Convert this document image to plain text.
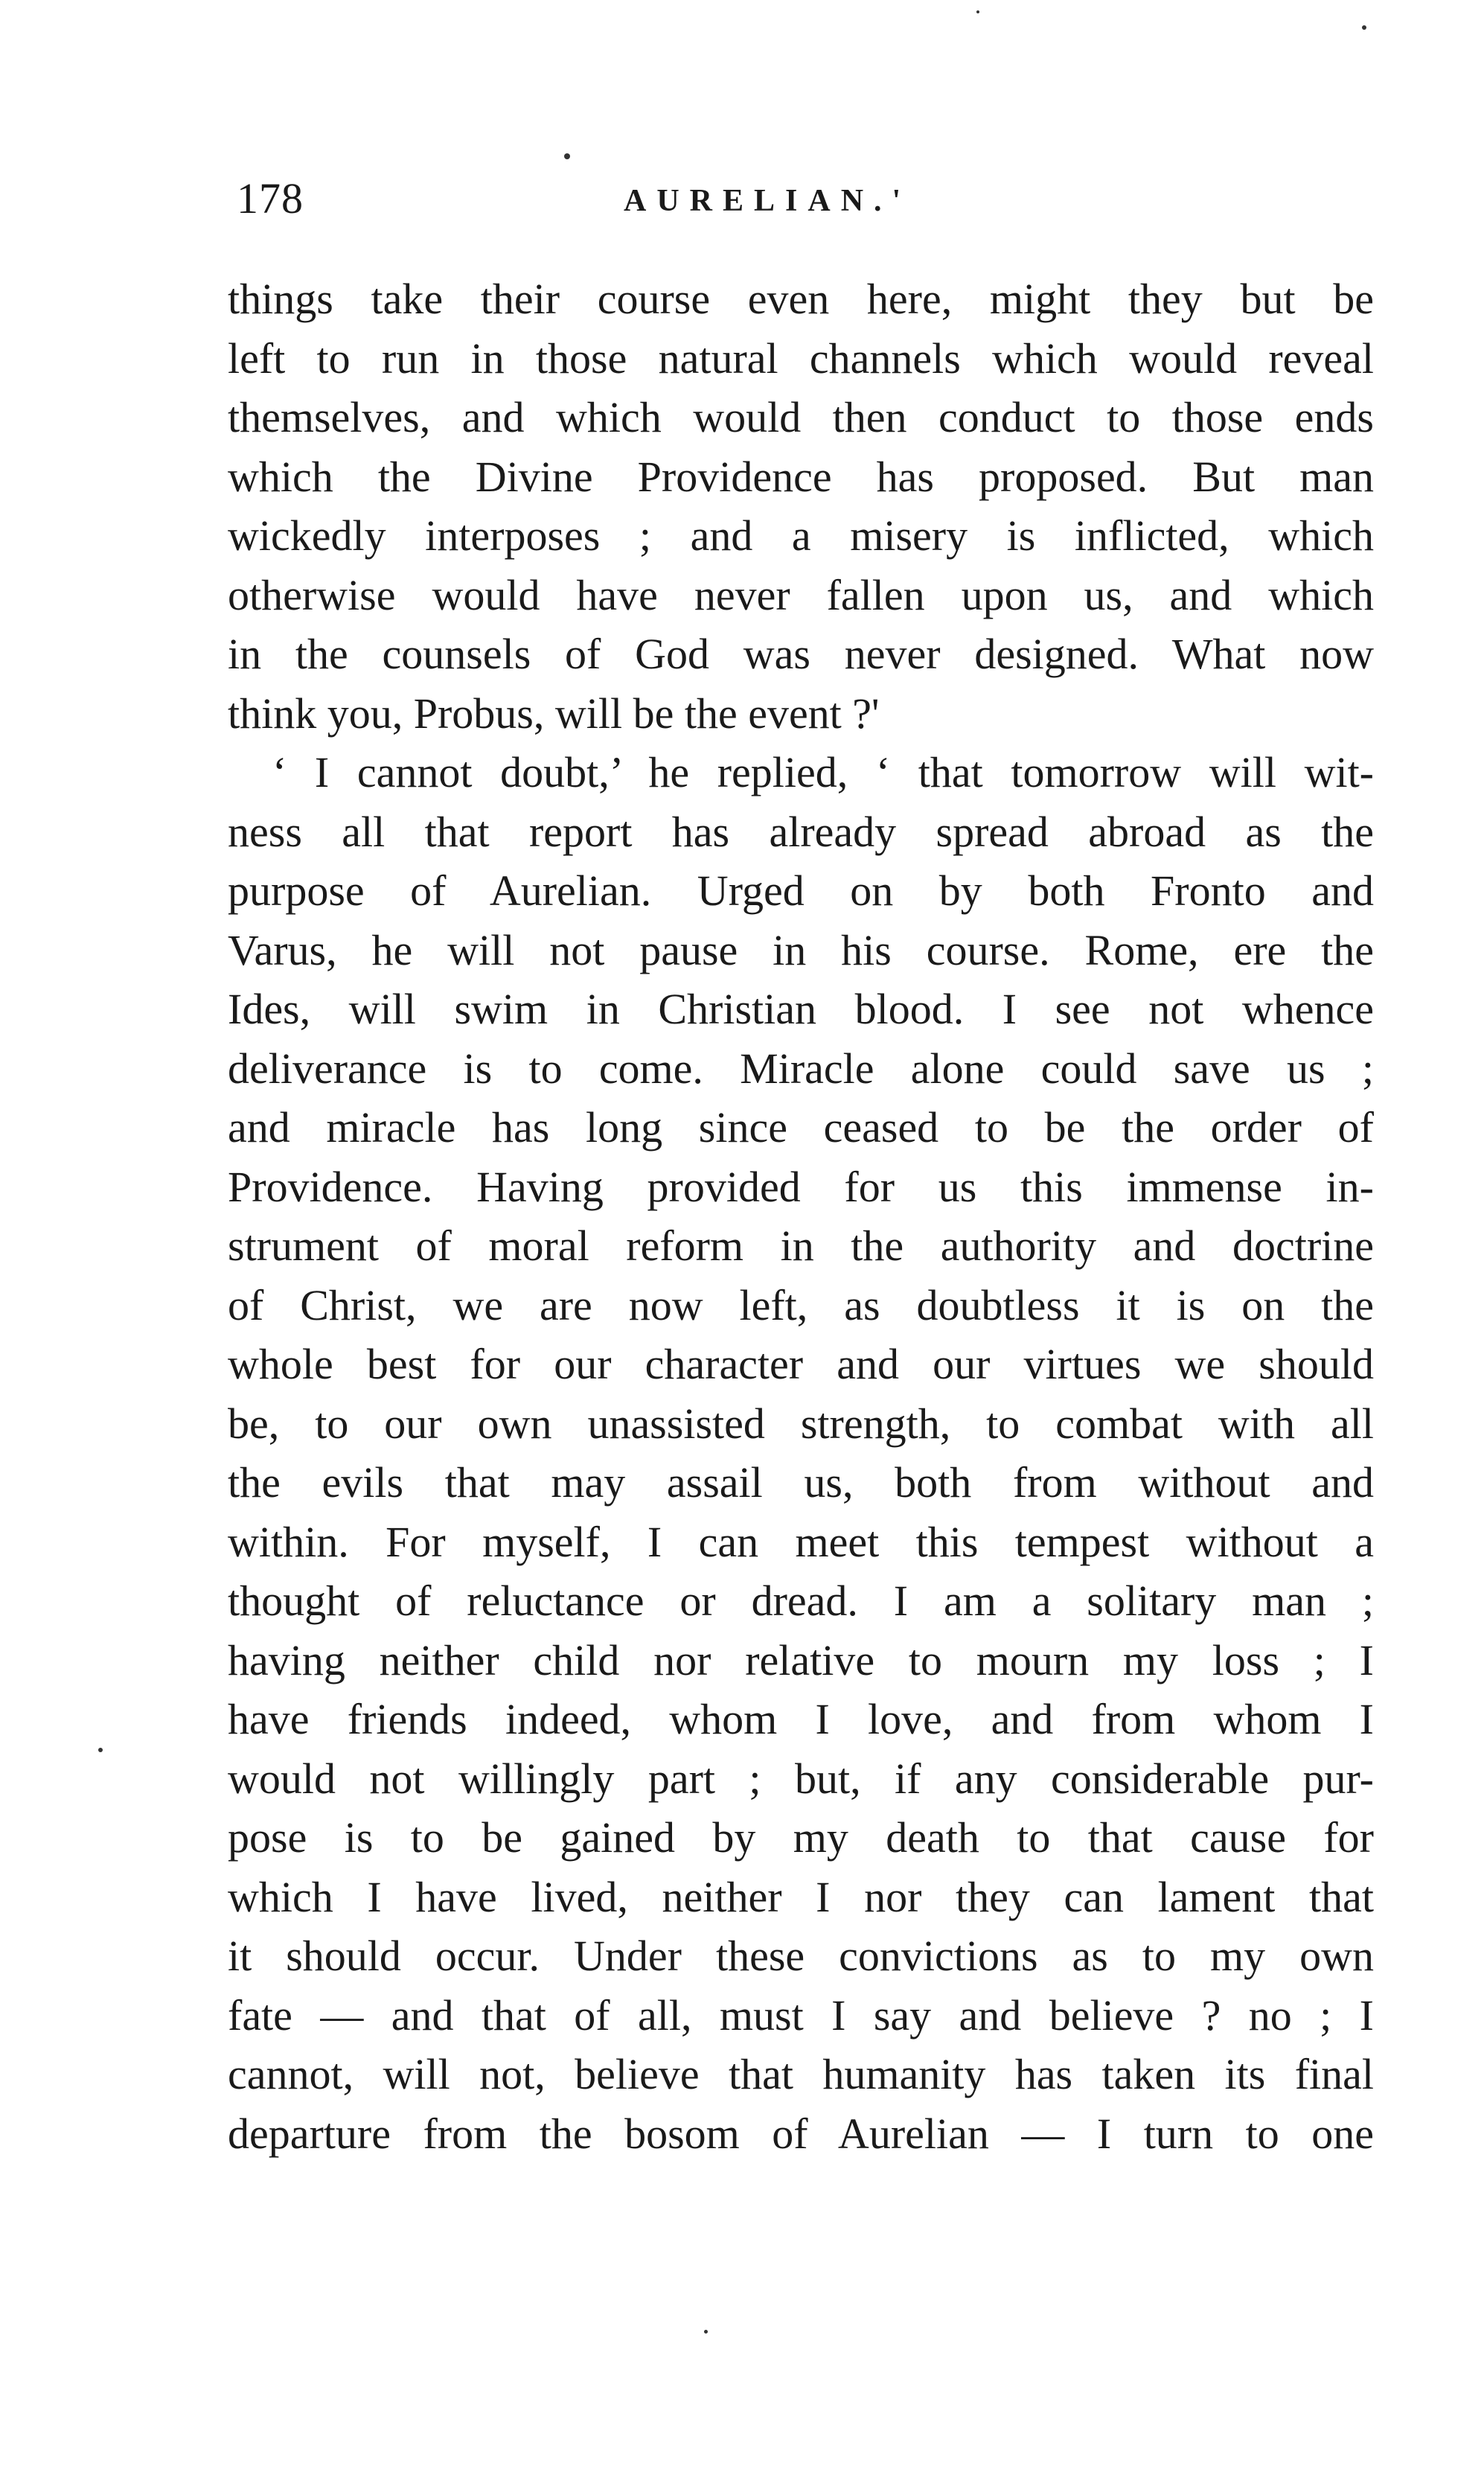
178	AURELIAN.'
things take their course even here, might they but be
left to run in those natural channels which would reveal
themselves, and which would then conduct to those ends
which the Divine Providence has proposed. But man
wickedly interposes ; and a misery is inflicted, which
otherwise would have never fallen upon us, and which
in the counsels of God was never designed. What now
think you, Probus, will be the event ?'
‘ I cannot doubt,’ he replied, ‘ that tomorrow will wit-
ness all that report has already spread abroad as the
purpose of Aurelian. Urged on by both Fronto and
Varus, he will not pause in his course. Rome, ere the
Ides, will swim in Christian blood. I see not whence
deliverance is to come. Miracle alone could save us ;
and miracle has long since ceased to be the order of
Providence. Having provided for us this immense in-
strument of moral reform in the authority and doctrine
of Christ, we are now left, as doubtless it is on the
whole best for our character and our virtues we should
be, to our own unassisted strength, to combat with all
the evils that may assail us, both from without and
within. For myself, I can meet this tempest without a
thought of reluctance or dread. I am a solitary man ;
having neither child nor relative to mourn my loss ; I
have friends indeed, whom I love, and from whom I
would not willingly part ; but, if any considerable pur-
pose is to be gained by my death to that cause for
which I have lived, neither I nor they can lament that
it should occur. Under these convictions as to my own
fate — and that of all, must I say and believe ? no ; I
cannot, will not, believe that humanity has taken its final
departure from the bosom of Aurelian — I turn to one
